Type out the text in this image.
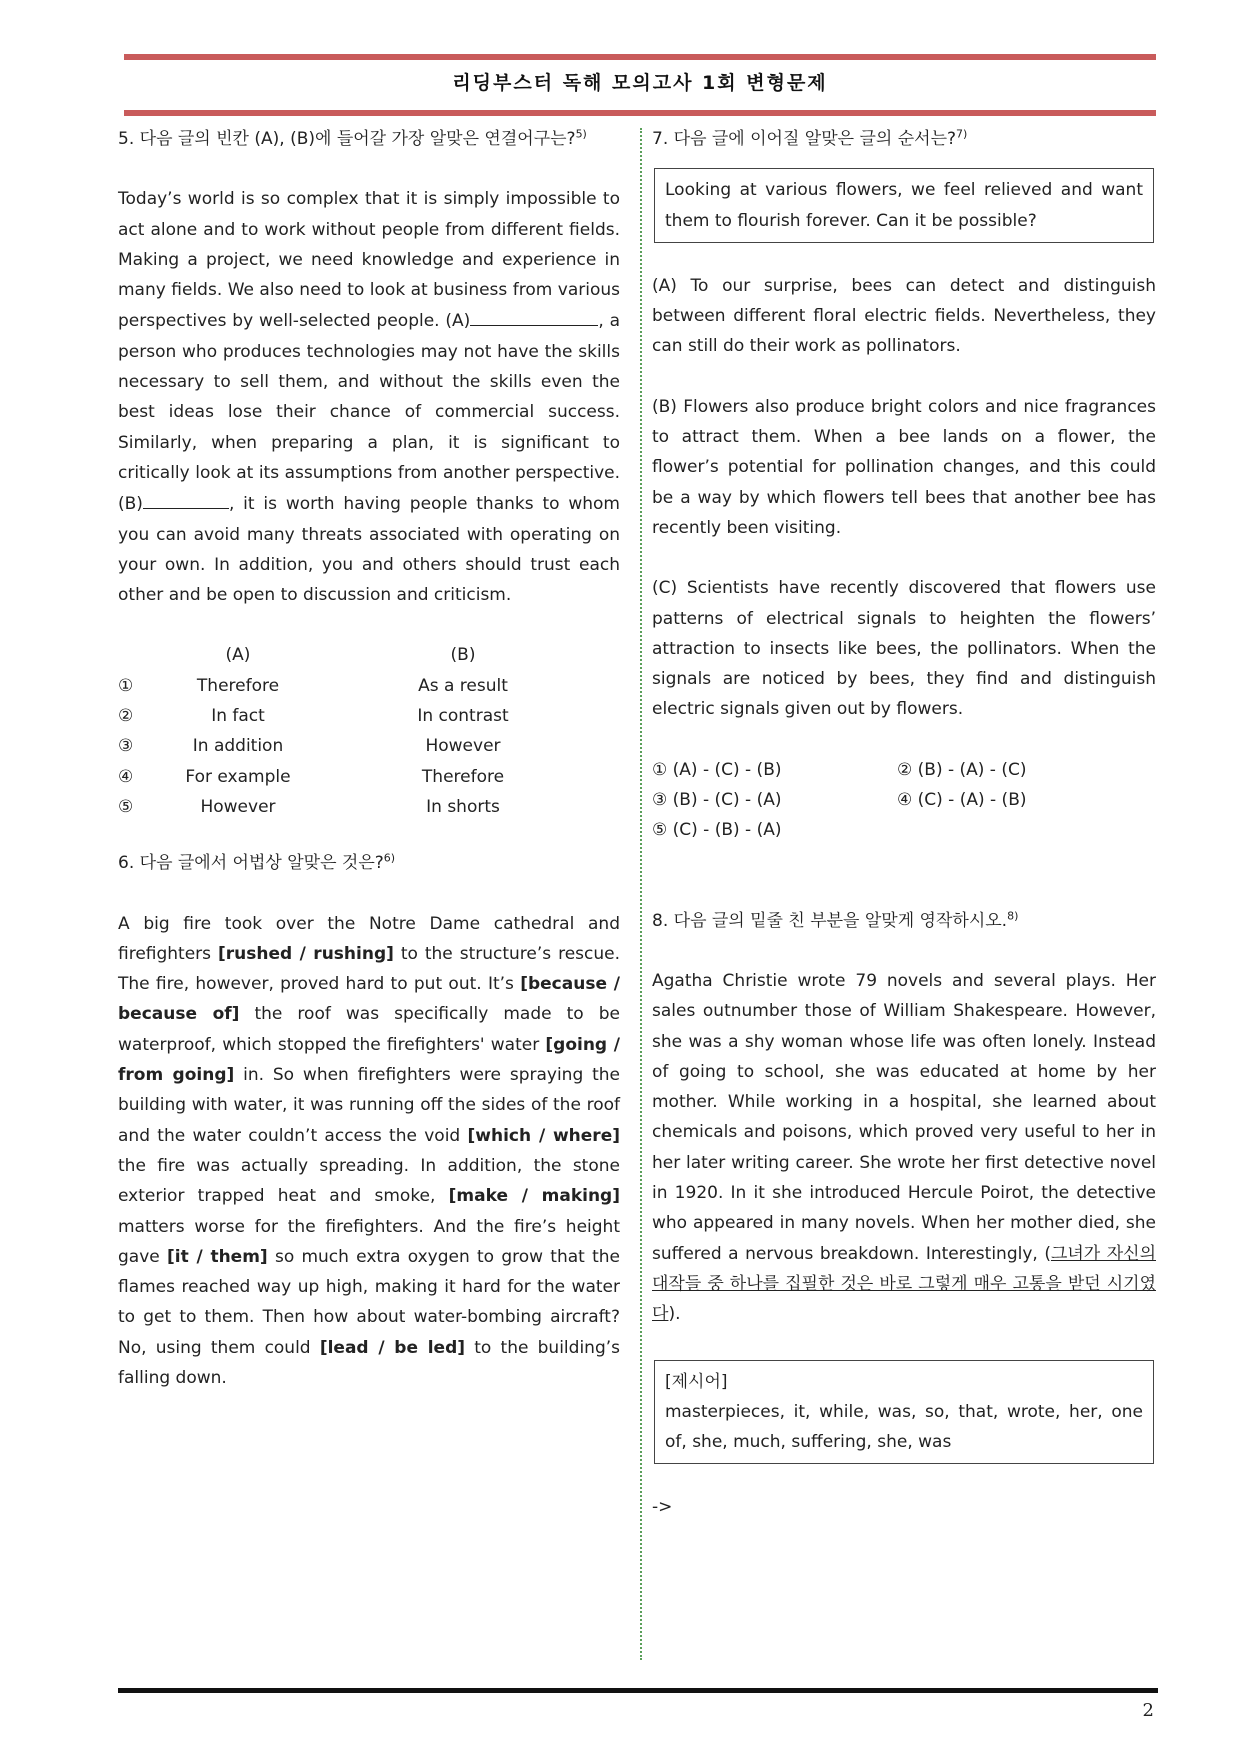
리딩부스터 독해 모의고사 1회 변형문제
5. 다음 글의 빈칸 (A), (B)에 들어갈 가장 알맞은 연결어구는?$^{5)}$

Today’s world is so complex that it is simply impossible to act alone and to work without people from different fields. Making a project, we need knowledge and experience in many fields. We also need to look at business from various perspectives by well-selected people. (A)	, a person who produces technologies may not have the skills necessary to sell them, and without the skills even the best ideas lose their chance of commercial success. Similarly, when preparing a plan, it is significant to critically look at its assumptions from another perspective. (B)	, it is worth having people thanks to whom you can avoid many threats associated with operating on your own. In addition, you and others should trust each other and be open to discussion and criticism.

(A)	(B)
①	Therefore	As a result
②	In fact	In contrast
③	In addition	However
④	For example	Therefore
⑤	However	In shorts
6. 다음 글에서 어법상 알맞은 것은?$^{6)}$

A big fire took over the Notre Dame cathedral and firefighters [rushed / rushing] to the structure’s rescue. The fire, however, proved hard to put out. It’s [because / because of] the roof was specifically made to be waterproof, which stopped the firefighters' water [going / from going] in. So when firefighters were spraying the building with water, it was running off the sides of the roof and the water couldn’t access the void [which / where] the fire was actually spreading. In addition, the stone exterior trapped heat and smoke, [make / making] matters worse for the firefighters. And the fire’s height gave [it / them] so much extra oxygen to grow that the flames reached way up high, making it hard for the water to get to them. Then how about water-bombing aircraft? No, using them could [lead / be led] to the building’s falling down.

7. 다음 글에 이어질 알맞은 글의 순서는?$^{7)}$
Looking at various flowers, we feel relieved and want them to flourish forever. Can it be possible?

(A) To our surprise, bees can detect and distinguish between different floral electric fields. Nevertheless, they can still do their work as pollinators.

(B) Flowers also produce bright colors and nice fragrances to attract them. When a bee lands on a flower, the flower’s potential for pollination changes, and this could be a way by which flowers tell bees that another bee has recently been visiting.

(C) Scientists have recently discovered that flowers use patterns of electrical signals to heighten the flowers’ attraction to insects like bees, the pollinators. When the signals are noticed by bees, they find and distinguish electric signals given out by flowers.

① (A) - (C) - (B)	② (B) - (A) - (C)
③ (B) - (C) - (A)	④ (C) - (A) - (B)
⑤ (C) - (B) - (A)
8. 다음 글의 밑줄 친 부분을 알맞게 영작하시오.$^{8)}$

Agatha Christie wrote 79 novels and several plays. Her sales outnumber those of William Shakespeare. However, she was a shy woman whose life was often lonely. Instead of going to school, she was educated at home by her mother. While working in a hospital, she learned about chemicals and poisons, which proved very useful to her in her later writing career. She wrote her first detective novel in 1920. In it she introduced Hercule Poirot, the detective who appeared in many novels. When her mother died, she suffered a nervous breakdown. Interestingly, (그녀가 자신의 대작들 중 하나를 집필한 것은 바로 그렇게 매우 고통을 받던 시기였다).

[제시어]
masterpieces, it, while, was, so, that, wrote, her, one of, she, much, suffering, she, was
->
2
